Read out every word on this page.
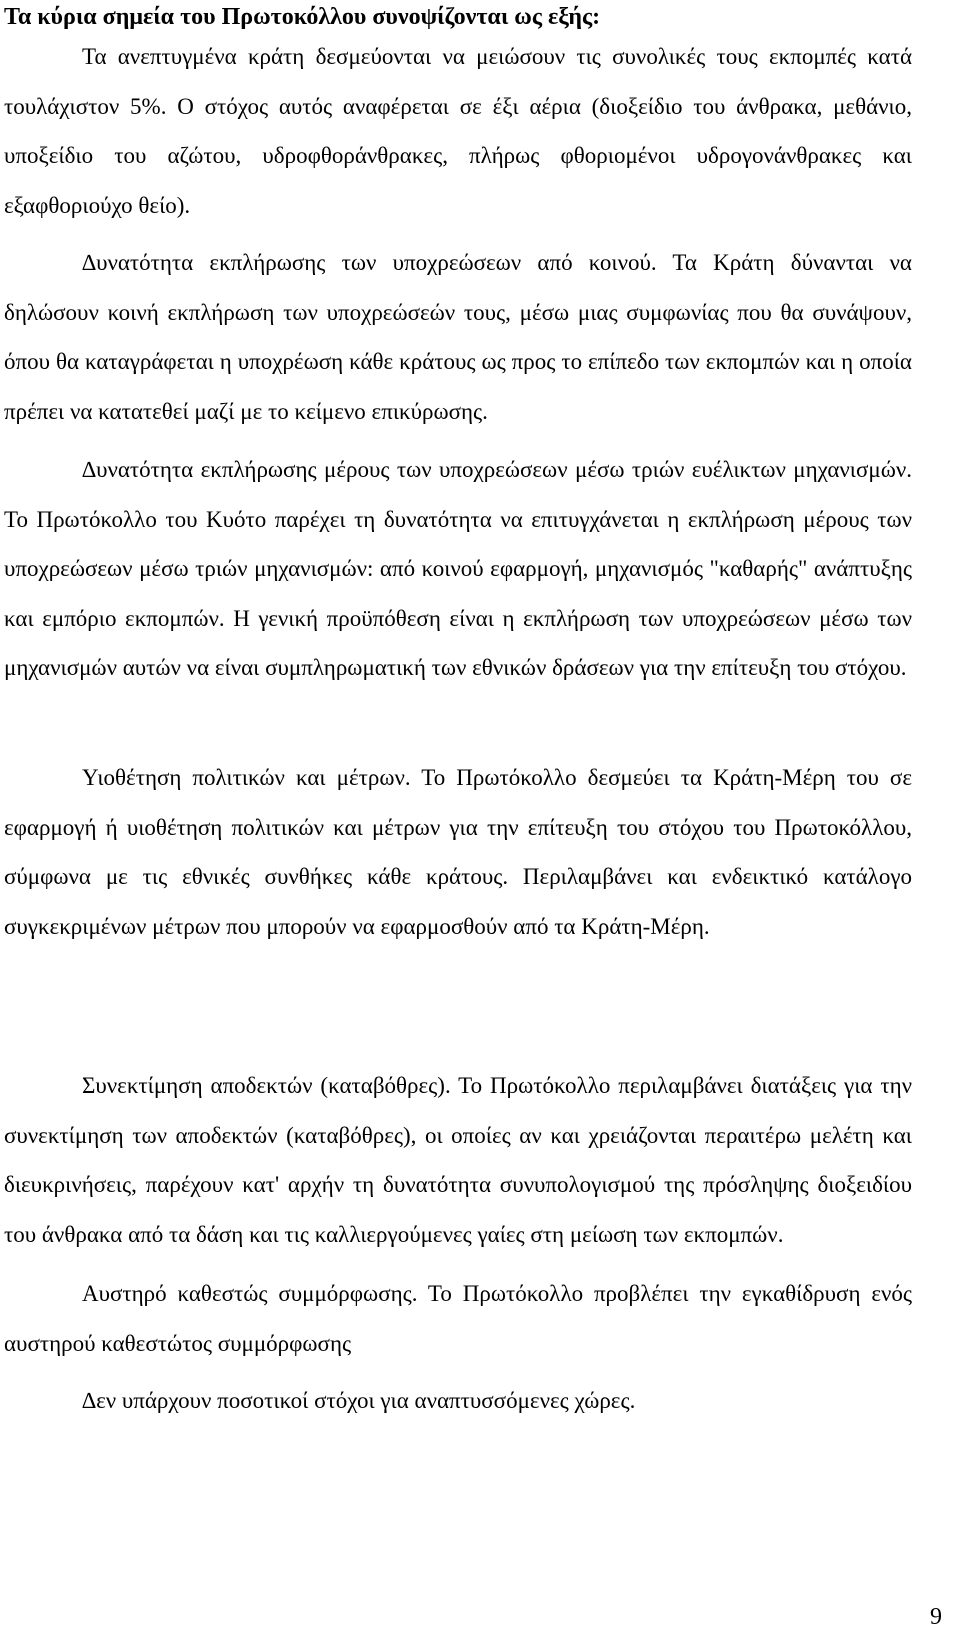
Τα κύρια σημεία του Πρωτοκόλλου συνοψίζονται ως εξής:

Τα ανεπτυγμένα κράτη δεσμεύονται να μειώσουν τις συνολικές τους εκπομπές κατά τουλάχιστον 5%. Ο στόχος αυτός αναφέρεται σε έξι αέρια (διοξείδιο του άνθρακα, μεθάνιο, υποξείδιο του αζώτου, υδροφθοράνθρακες, πλήρως φθοριομένοι υδρογονάνθρακες και εξαφθοριούχο θείο).

∆υνατότητα εκπλήρωσης των υποχρεώσεων από κοινού. Τα Κράτη δύνανται να δηλώσουν κοινή εκπλήρωση των υποχρεώσεών τους, μέσω μιας συμφωνίας που θα συνάψουν, όπου θα καταγράφεται η υποχρέωση κάθε κράτους ως προς το επίπεδο των εκπομπών και η οποία πρέπει να κατατεθεί μαζί με το κείμενο επικύρωσης.

∆υνατότητα εκπλήρωσης μέρους των υποχρεώσεων μέσω τριών ευέλικτων μηχανισμών. Το Πρωτόκολλο του Κυότο παρέχει τη δυνατότητα να επιτυγχάνεται η εκπλήρωση μέρους των υποχρεώσεων μέσω τριών μηχανισμών: από κοινού εφαρμογή, μηχανισμός "καθαρής" ανάπτυξης και εμπόριο εκπομπών. Η γενική προϋπόθεση είναι η εκπλήρωση των υποχρεώσεων μέσω των μηχανισμών αυτών να είναι συμπληρωματική των εθνικών δράσεων για την επίτευξη του στόχου.

Υιοθέτηση πολιτικών και μέτρων. Το Πρωτόκολλο δεσμεύει τα Κράτη-Μέρη του σε εφαρμογή ή υιοθέτηση πολιτικών και μέτρων για την επίτευξη του στόχου του Πρωτοκόλλου, σύμφωνα με τις εθνικές συνθήκες κάθε κράτους. Περιλαμβάνει και ενδεικτικό κατάλογο συγκεκριμένων μέτρων που μπορούν να εφαρμοσθούν από τα Κράτη-Μέρη.

Συνεκτίμηση αποδεκτών (καταβόθρες). Το Πρωτόκολλο περιλαμβάνει διατάξεις για την συνεκτίμηση των αποδεκτών (καταβόθρες), οι οποίες αν και χρειάζονται περαιτέρω μελέτη και διευκρινήσεις, παρέχουν κατ' αρχήν τη δυνατότητα συνυπολογισμού της πρόσληψης διοξειδίου του άνθρακα από τα δάση και τις καλλιεργούμενες γαίες στη μείωση των εκπομπών.

Αυστηρό καθεστώς συμμόρφωσης. Το Πρωτόκολλο προβλέπει την εγκαθίδρυση ενός αυστηρού καθεστώτος συμμόρφωσης

∆εν υπάρχουν ποσοτικοί στόχοι για αναπτυσσόμενες χώρες.

9
